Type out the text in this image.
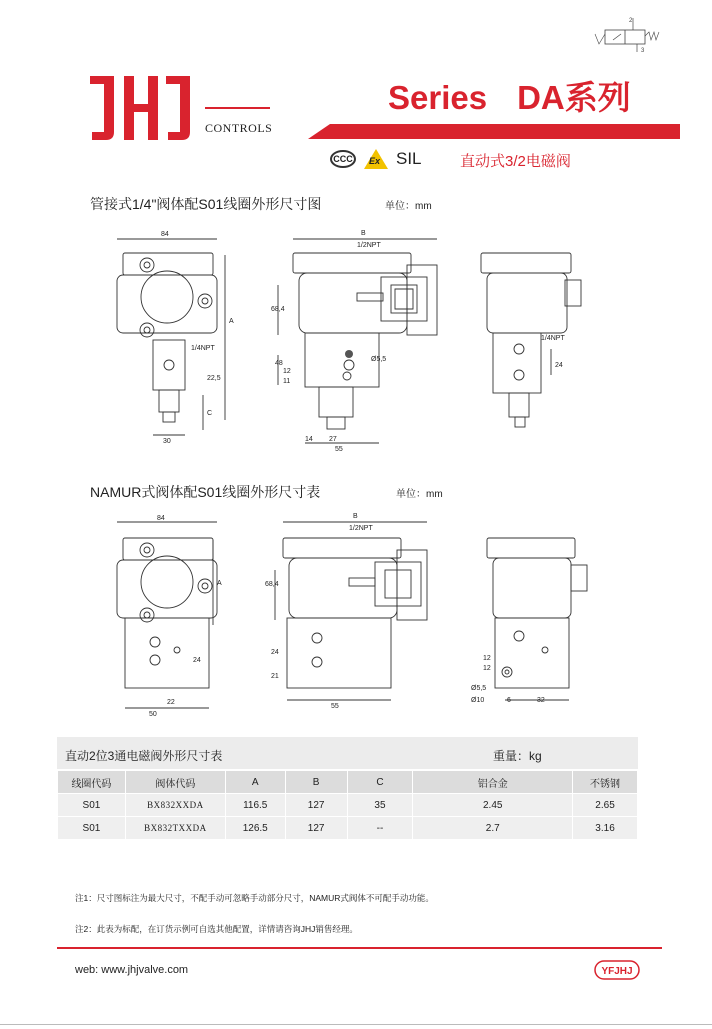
2
3
CONTROLS
Series DA系列
CCC	Ex SIL	直动式3/2电磁阀
管接式1/4"阀体配S01线圈外形尺寸图	单位：mm
84
A
1/4NPT
22,5
C
30
B
1/2NPT
68,4
48
11
12
Ø5,5
14 27
55
1/4NPT
24
NAMUR式阀体配S01线圈外形尺寸表	单位：mm
84
A
24
22
50
B
1/2NPT
68,4
24
21
55
12
12
Ø5,5
Ø10	6	32
直动2位3通电磁阀外形尺寸表	重量：kg
线圈代码	阀体代码	A	B	C	铝合金	不锈钢
S01	BX832XXDA	116.5	127	35	2.45	2.65
S01	BX832TXXDA	126.5	127	--	2.7	3.16
注1：尺寸图标注为最大尺寸，不配手动可忽略手动部分尺寸，NAMUR式阀体不可配手动功能。
注2：此表为标配，在订货示例可自选其他配置，详情请咨询JHJ销售经理。
web: www.jhjvalve.com	YFJHJ
